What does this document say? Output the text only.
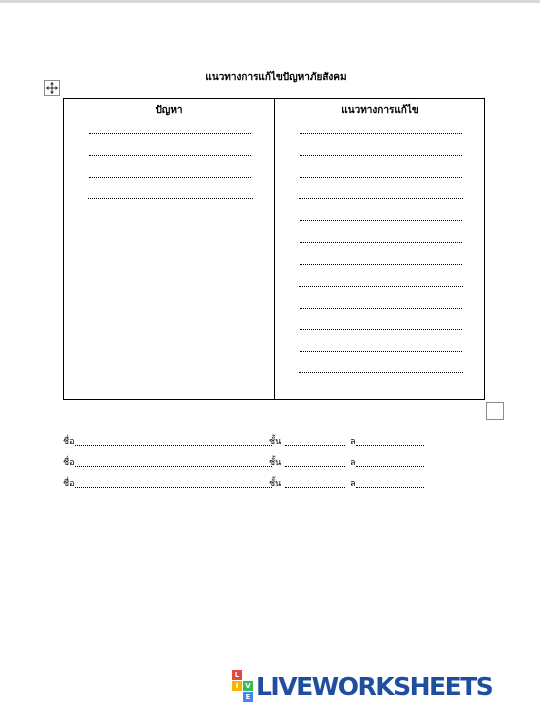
แนวทางการแก้ไขปัญหาภัยสังคม
ปัญหา	แนวทางการแก้ไข
ชื่อ	ชั้น	ล
ชื่อ	ชั้น	ล
ชื่อ	ชั้น	ล
L
I V
E LIVEWORKSHEETS
